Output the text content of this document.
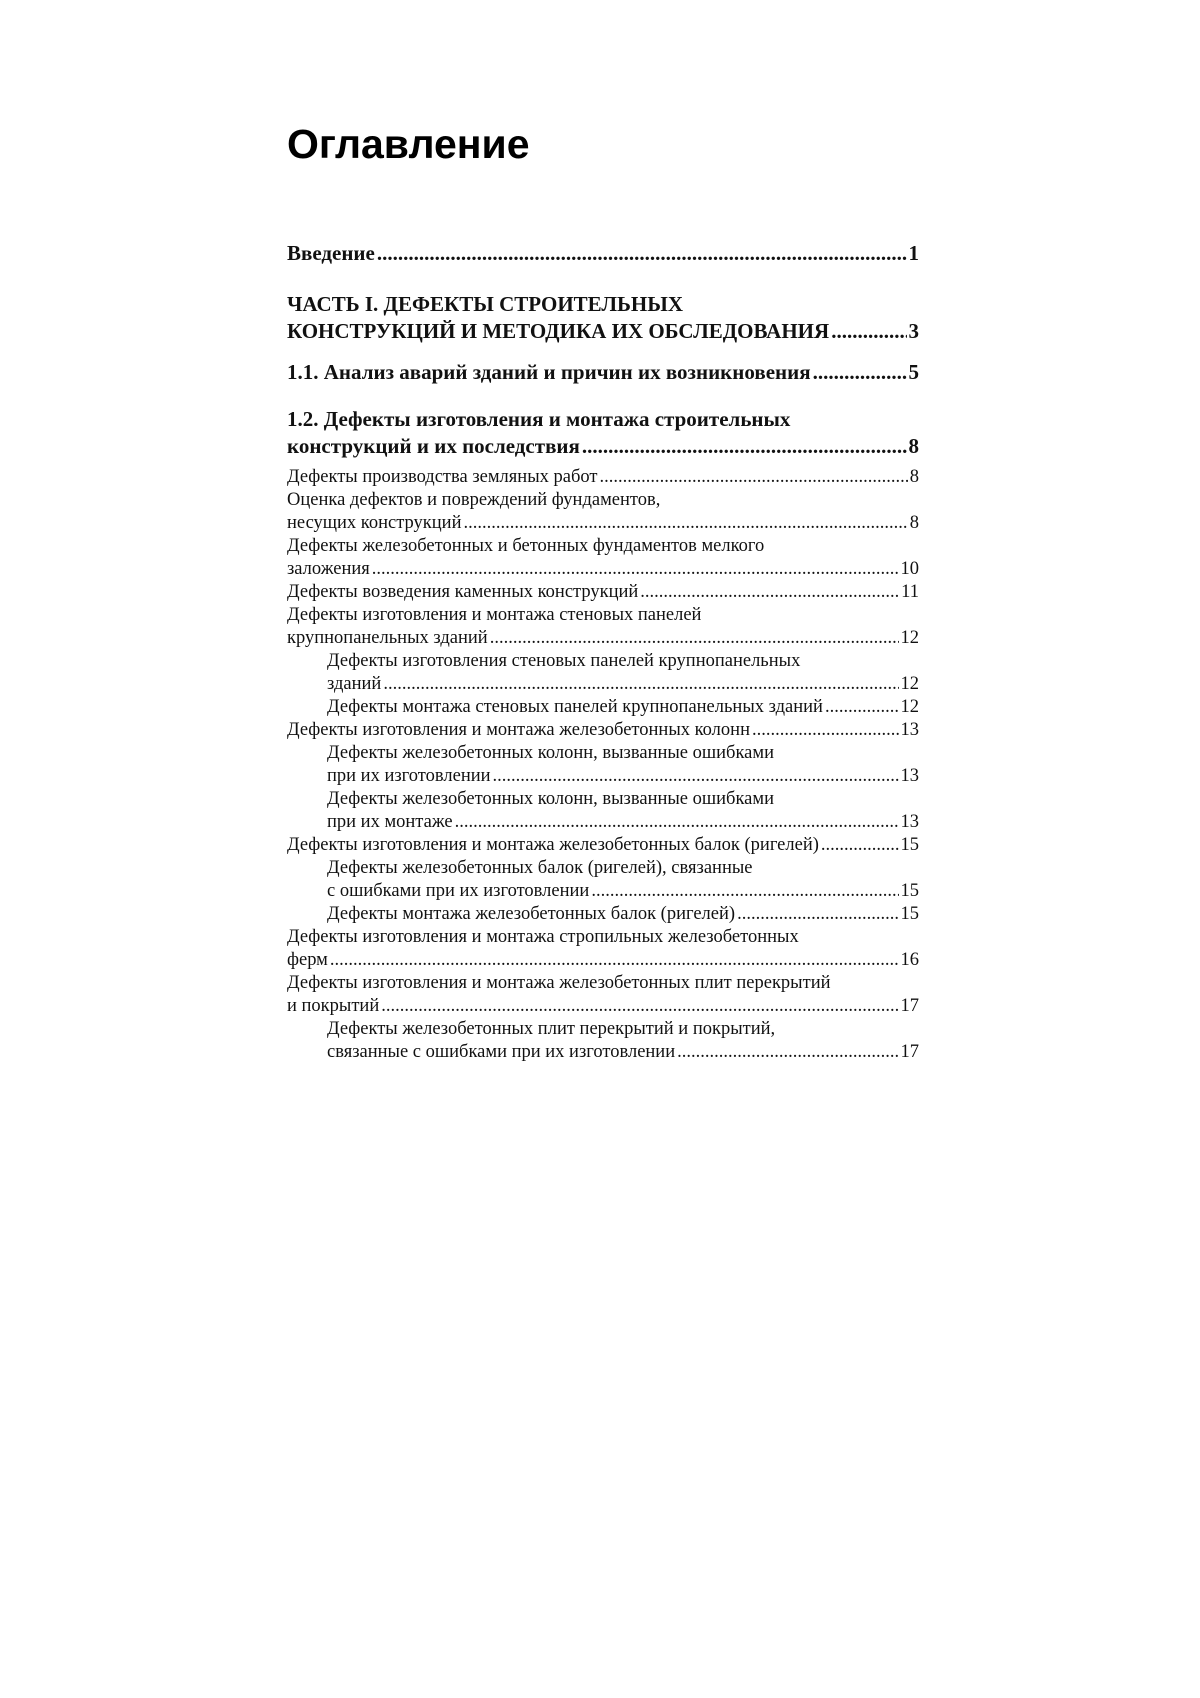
Оглавление
Введение .....	1
ЧАСТЬ I. ДЕФЕКТЫ СТРОИТЕЛЬНЫХ
КОНСТРУКЦИЙ И МЕТОДИКА ИХ ОБСЛЕДОВАНИЯ .....	3
1.1. Анализ аварий зданий и причин их возникновения .....	5
1.2. Дефекты изготовления и монтажа строительных
конструкций и их последствия .....	8
Дефекты производства земляных работ .....	8
Оценка дефектов и повреждений фундаментов,
несущих конструкций .....	8
Дефекты железобетонных и бетонных фундаментов мелкого
заложения .....	10
Дефекты возведения каменных конструкций .....	11
Дефекты изготовления и монтажа стеновых панелей
крупнопанельных зданий .....	12
Дефекты изготовления стеновых панелей крупнопанельных
зданий .....	12
Дефекты монтажа стеновых панелей крупнопанельных зданий .....	12
Дефекты изготовления и монтажа железобетонных колонн .....	13
Дефекты железобетонных колонн, вызванные ошибками
при их изготовлении .....	13
Дефекты железобетонных колонн, вызванные ошибками
при их монтаже .....	13
Дефекты изготовления и монтажа железобетонных балок (ригелей) .....	15
Дефекты железобетонных балок (ригелей), связанные
с ошибками при их изготовлении .....	15
Дефекты монтажа железобетонных балок (ригелей) .....	15
Дефекты изготовления и монтажа стропильных железобетонных
ферм .....	16
Дефекты изготовления и монтажа железобетонных плит перекрытий
и покрытий .....	17
Дефекты железобетонных плит перекрытий и покрытий,
связанные с ошибками при их изготовлении .....	17
